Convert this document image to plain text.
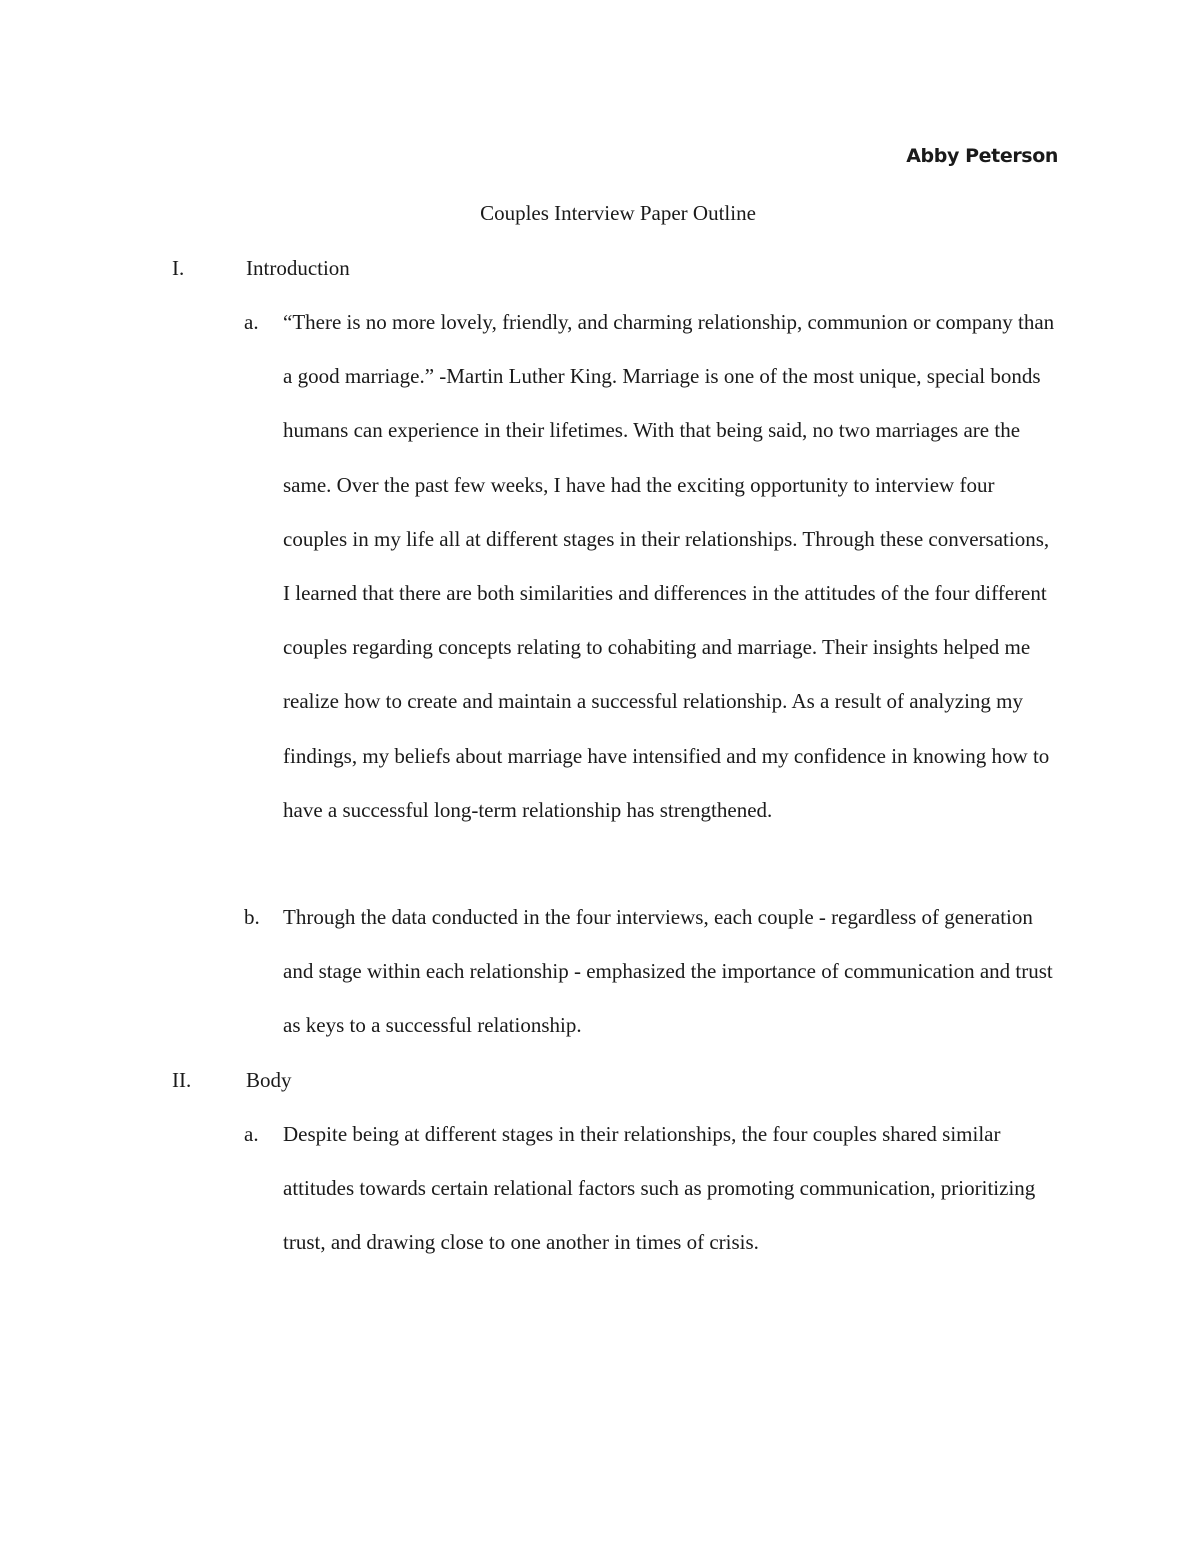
Abby Peterson
Couples Interview Paper Outline
I.	Introduction
a. “There is no more lovely, friendly, and charming relationship, communion or company than a good marriage.” -Martin Luther King. Marriage is one of the most unique, special bonds humans can experience in their lifetimes. With that being said, no two marriages are the same. Over the past few weeks, I have had the exciting opportunity to interview four couples in my life all at different stages in their relationships. Through these conversations, I learned that there are both similarities and differences in the attitudes of the four different couples regarding concepts relating to cohabiting and marriage. Their insights helped me realize how to create and maintain a successful relationship. As a result of analyzing my findings, my beliefs about marriage have intensified and my confidence in knowing how to have a successful long-term relationship has strengthened.
b. Through the data conducted in the four interviews, each couple - regardless of generation and stage within each relationship - emphasized the importance of communication and trust as keys to a successful relationship.
II.	Body
a. Despite being at different stages in their relationships, the four couples shared similar attitudes towards certain relational factors such as promoting communication, prioritizing trust, and drawing close to one another in times of crisis.
